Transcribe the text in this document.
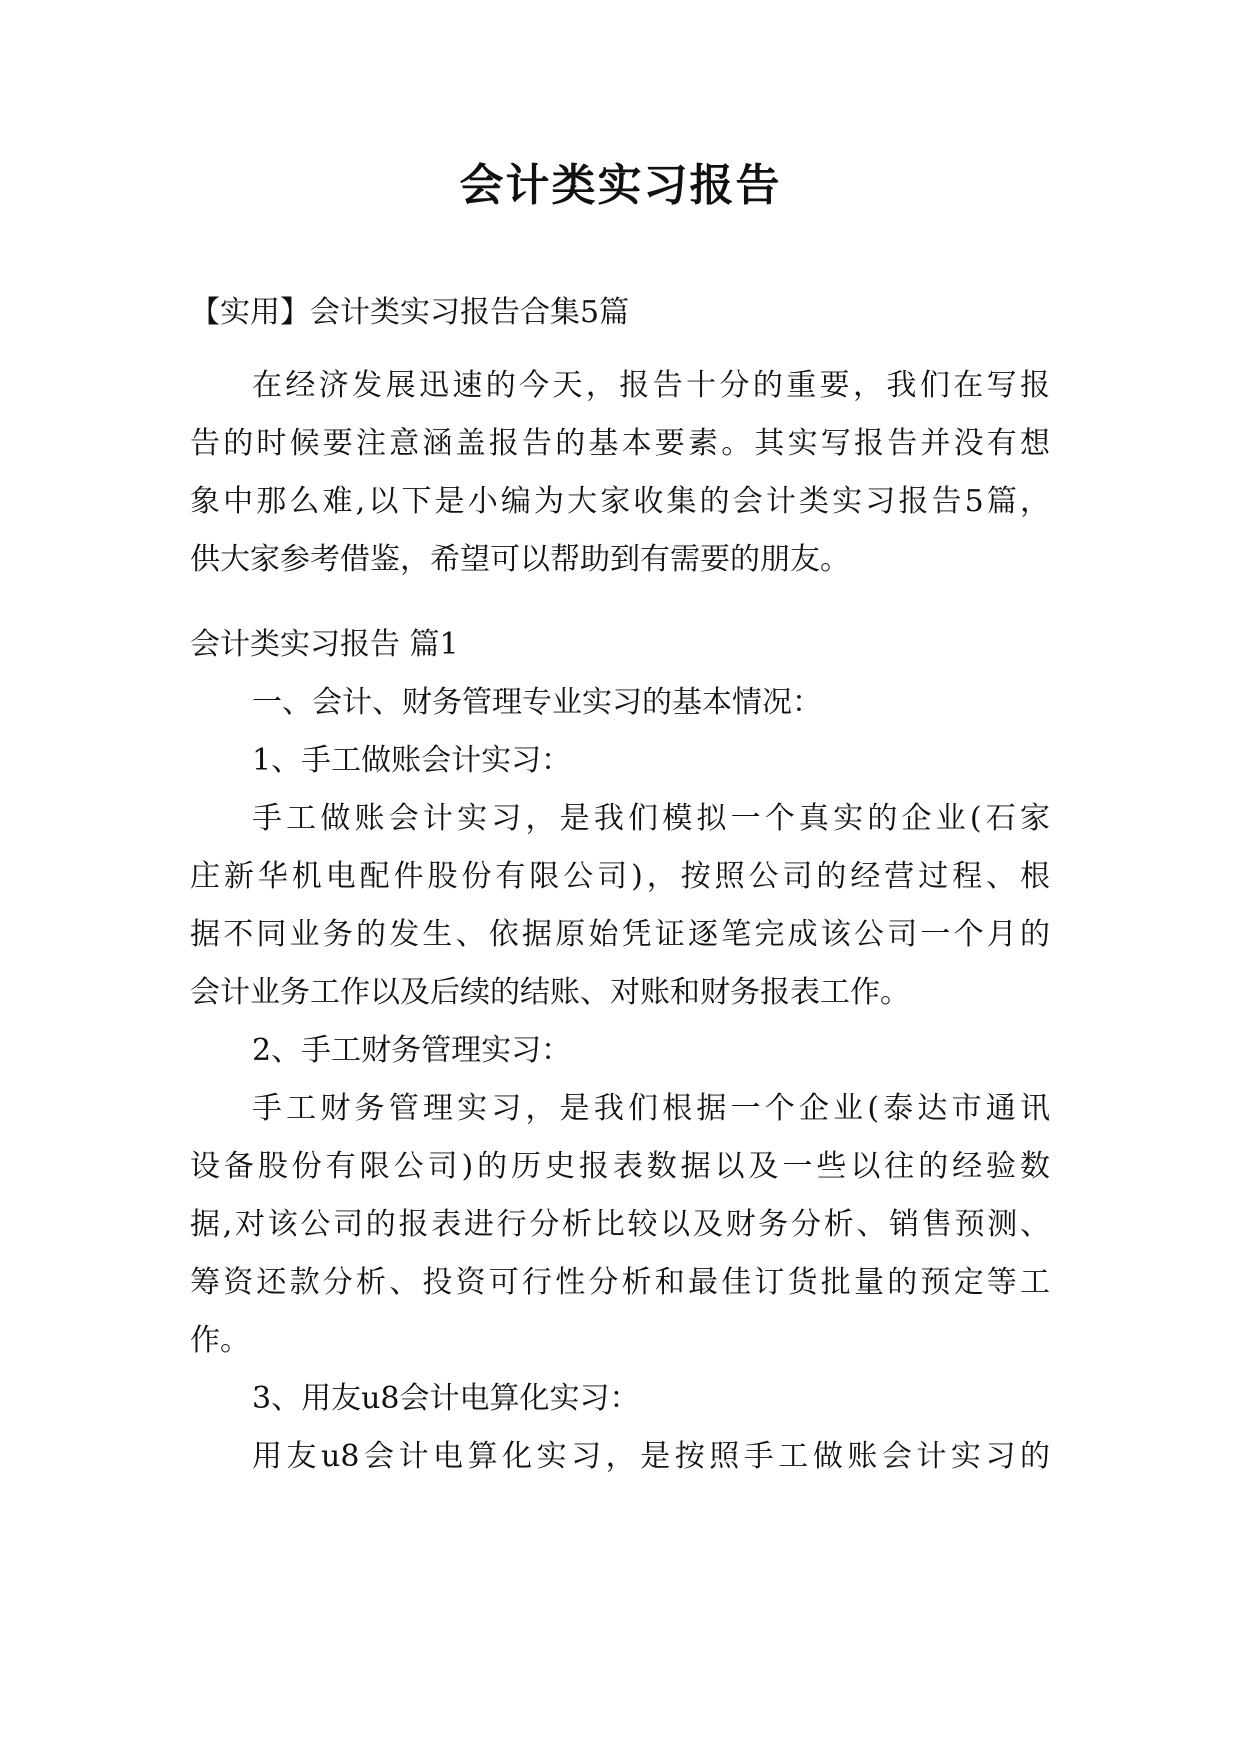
会计类实习报告

【实用】会计类实习报告合集5篇

在经济发展迅速的今天，报告十分的重要，我们在写报
告的时候要注意涵盖报告的基本要素。其实写报告并没有想
象中那么难,以下是小编为大家收集的会计类实习报告5篇，
供大家参考借鉴，希望可以帮助到有需要的朋友。

会计类实习报告 篇1

一、会计、财务管理专业实习的基本情况：

1、手工做账会计实习：

手工做账会计实习，是我们模拟一个真实的企业(石家
庄新华机电配件股份有限公司)，按照公司的经营过程、根
据不同业务的发生、依据原始凭证逐笔完成该公司一个月的
会计业务工作以及后续的结账、对账和财务报表工作。

2、手工财务管理实习：

手工财务管理实习，是我们根据一个企业(泰达市通讯
设备股份有限公司)的历史报表数据以及一些以往的经验数
据,对该公司的报表进行分析比较以及财务分析、销售预测、
筹资还款分析、投资可行性分析和最佳订货批量的预定等工
作。

3、用友u8会计电算化实习：

用友u8会计电算化实习，是按照手工做账会计实习的
